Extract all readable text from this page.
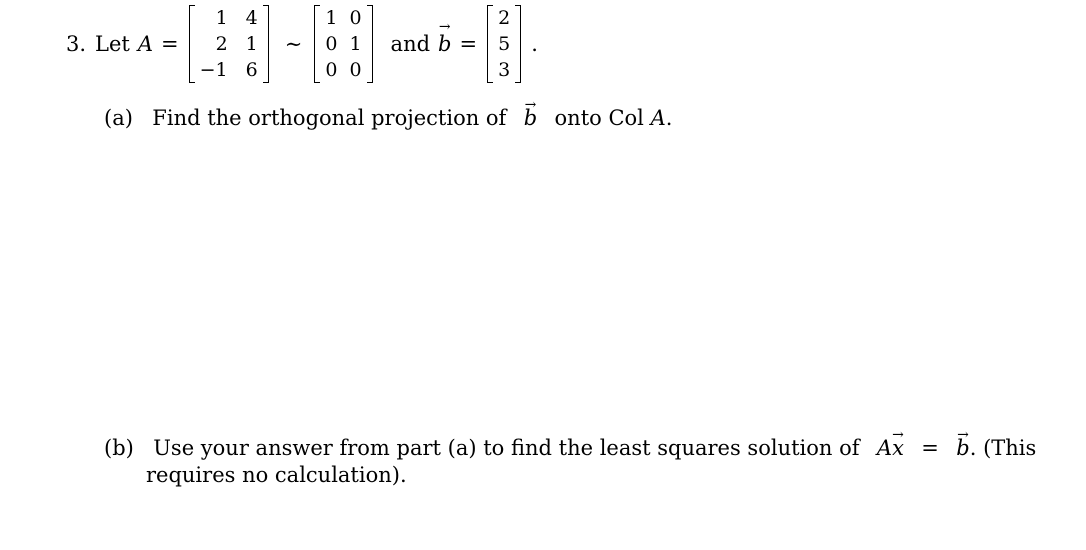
3. Let A =
1
2
−1
4
1
6
∼
1
0
0
0
1
0
and → b =
2
5
3
.
(a) Find the orthogonal projection of → b onto Col A.
(b) Use your answer from part (a) to find the least squares solution of A→ x = → b. (This
requires no calculation).
